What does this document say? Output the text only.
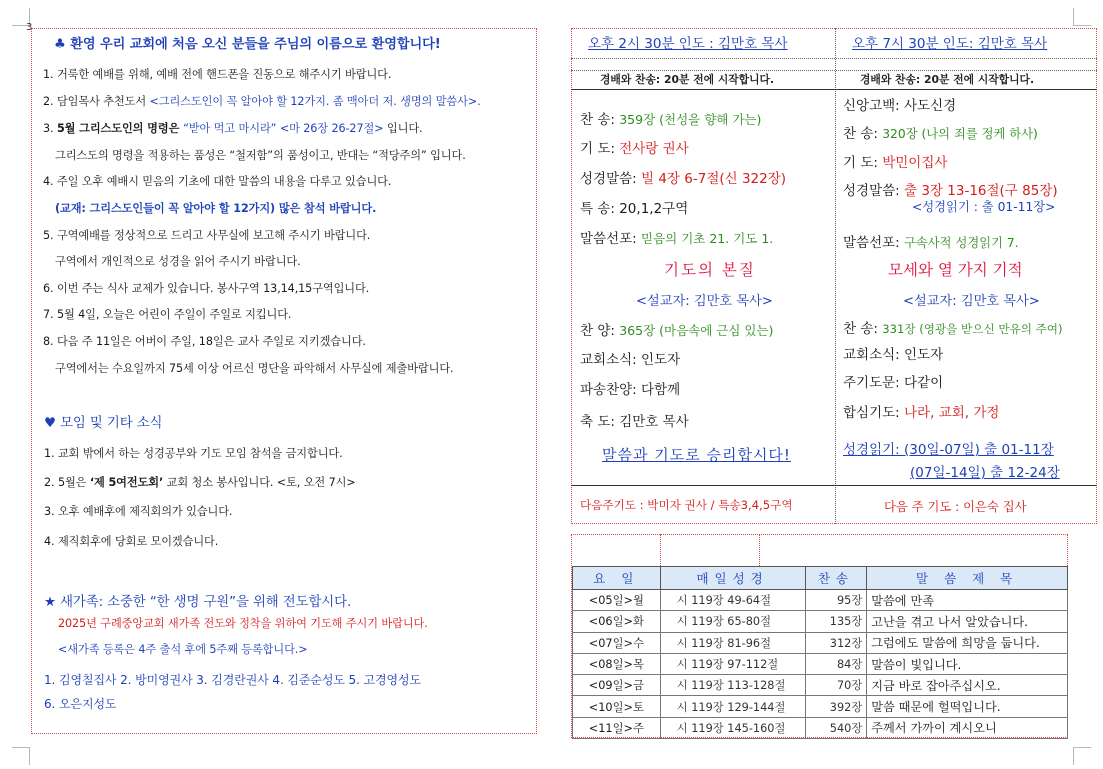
3
♣ 환영 우리 교회에 처음 오신 분들을 주님의 이름으로 환영합니다!
1. 거룩한 예배를 위해, 예배 전에 핸드폰을 진동으로 해주시기 바랍니다.
2. 담임목사 추천도서 <그리스도인이 꼭 알아야 할 12가지. 좀 맥아더 저. 생명의 말씀사>.
3. 5월 그리스도인의 명령은 “받아 먹고 마시라” <마 26장 26-27절> 입니다.
그리스도의 명령을 적용하는 품성은 “철저함”의 품성이고, 반대는 “적당주의” 입니다.
4. 주일 오후 예배시 믿음의 기초에 대한 말씀의 내용을 다루고 있습니다.
(교재: 그리스도인들이 꼭 알아야 할 12가지) 많은 참석 바랍니다.
5. 구역예배를 정상적으로 드리고 사무실에 보고해 주시기 바랍니다.
구역에서 개인적으로 성경을 읽어 주시기 바랍니다.
6. 이번 주는 식사 교제가 있습니다. 봉사구역 13,14,15구역입니다.
7. 5월 4일, 오늘은 어린이 주일이 주일로 지킵니다.
8. 다음 주 11일은 어버이 주일, 18일은 교사 주일로 지키겠습니다.
구역에서는 수요일까지 75세 이상 어르신 명단을 파악해서 사무실에 제출바랍니다.
♥ 모임 및 기타 소식
1. 교회 밖에서 하는 성경공부와 기도 모임 참석을 금지합니다.
2. 5월은 ‘제 5여전도회’ 교회 청소 봉사입니다. <토, 오전 7시>
3. 오후 예배후에 제직회의가 있습니다.
4. 제직회후에 당회로 모이겠습니다.
★ 새가족: 소중한 “한 생명 구원”을 위해 전도합시다.
2025년 구례중앙교회 새가족 전도와 정착을 위하여 기도해 주시기 바랍니다.
<새가족 등록은 4주 출석 후에 5주째 등록합니다.>
1. 김영칠집사 2. 방미영권사 3. 김경란권사 4. 김준순성도 5. 고경영성도
6. 오은지성도
오후 2시 30분 인도 : 김만호 목사
경배와 찬송: 20분 전에 시작합니다.
찬 송: 359장 (천성을 향해 가는)
기 도: 전사랑 권사
성경말씀: 빌 4장 6-7절(신 322장)
특 송: 20,1,2구역
말씀선포: 믿음의 기초 21. 기도 1.
기도의 본질
<설교자: 김만호 목사>
찬 양: 365장 (마음속에 근심 있는)
교회소식: 인도자
파송찬양: 다함께
축 도: 김만호 목사
말씀과 기도로 승리합시다!
다음주기도 : 박미자 권사 / 특송3,4,5구역
오후 7시 30분 인도: 김만호 목사
경배와 찬송: 20분 전에 시작합니다.
신앙고백: 사도신경
찬 송: 320장 (나의 죄를 정케 하사)
기 도: 박민이집사
성경말씀: 출 3장 13-16절(구 85장)
<성경읽기 : 출 01-11장>
말씀선포: 구속사적 성경읽기 7.
모세와 열 가지 기적
<설교자: 김만호 목사>
찬 송: 331장 (영광을 받으신 만유의 주여)
교회소식: 인도자
주기도문: 다같이
합심기도: 나라, 교회, 가정
성경읽기: (30일-07일) 출 01-11장
(07일-14일) 출 12-24장
다음 주 기도 : 이은숙 집사
요 일	매일성경	찬송	말 씀 제 목
<05일>월	시 119장 49-64절	95장	말씀에 만족
<06일>화	시 119장 65-80절	135장	고난을 겪고 나서 알았습니다.
<07일>수	시 119장 81-96절	312장	그럼에도 말씀에 희망을 둡니다.
<08일>목	시 119장 97-112절	84장	말씀이 빛입니다.
<09일>금	시 119장 113-128절	70장	지금 바로 잡아주십시오.
<10일>토	시 119장 129-144절	392장	말씀 때문에 헐떡입니다.
<11일>주	시 119장 145-160절	540장	주께서 가까이 계시오니
